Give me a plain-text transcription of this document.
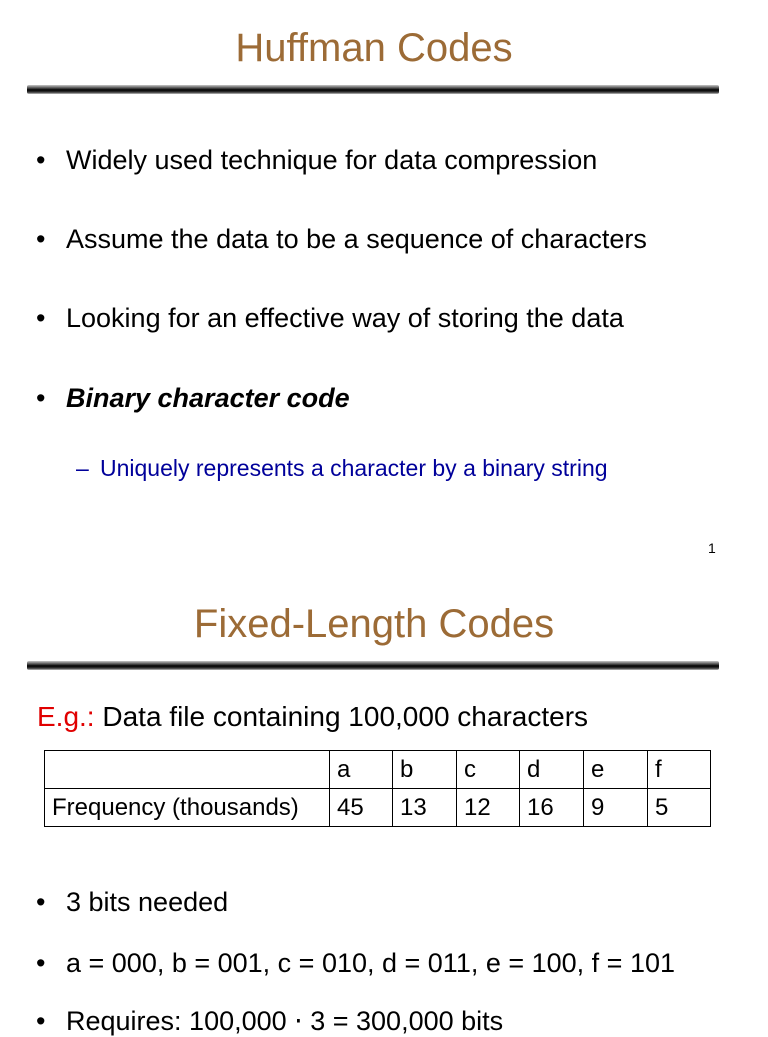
Huffman Codes
• Widely used technique for data compression
• Assume the data to be a sequence of characters
• Looking for an effective way of storing the data
• Binary character code
– Uniquely represents a character by a binary string
1
Fixed-Length Codes
E.g.: Data file containing 100,000 characters
	a	b	c	d	e	f
Frequency (thousands)	45	13	12	16	9	5
• 3 bits needed
• a = 000, b = 001, c = 010, d = 011, e = 100, f = 101
• Requires: 100,000 ⋅ 3 = 300,000 bits
